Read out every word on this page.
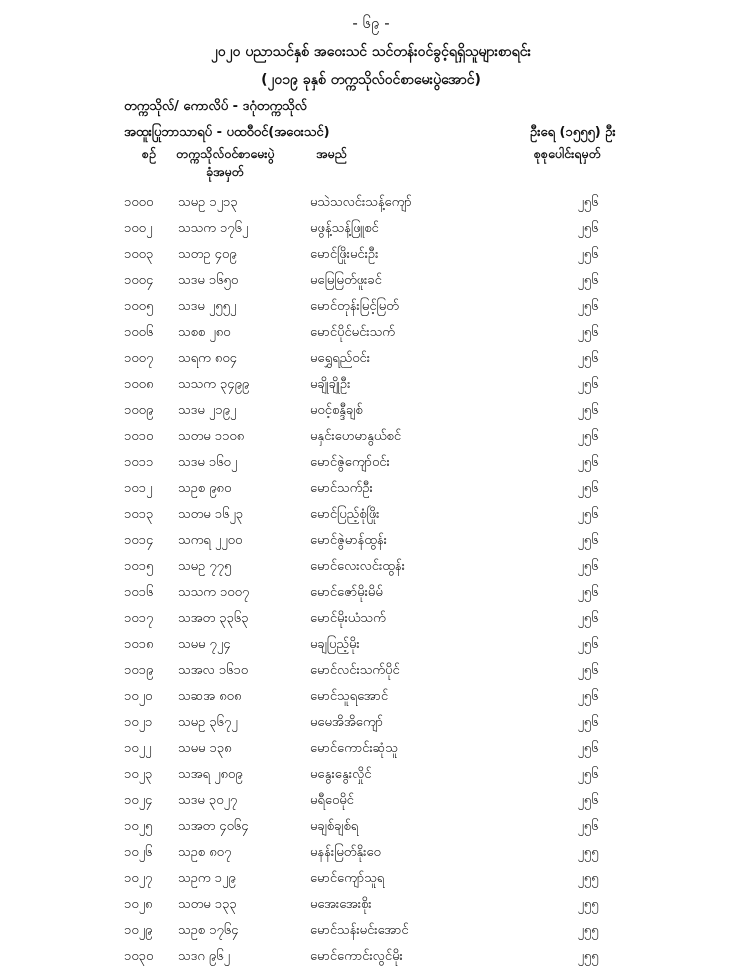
- ၆၉ -
၂၀၂၀ ပညာသင်နှစ် အဝေးသင် သင်တန်းဝင်ခွင့်ရရှိသူများစာရင်း
(၂၀၁၉ ခုနှစ် တက္ကသိုလ်ဝင်စာမေးပွဲအောင်)
တက္ကသိုလ်/ ကောလိပ် - ဒဂုံတက္ကသိုလ်
အထူးပြုဘာသာရပ် - ပထဝီဝင်(အဝေးသင်)	ဦးရေ (၁၅၅၅) ဦး
စဉ် တက္ကသိုလ်ဝင်စာမေးပွဲ
ခုံအမှတ်
အမည်	စုစုပေါင်းရမှတ်
၁၀၀၀	သမဥ ၁၂၁၃	မသဲသလင်းသန့်ကျော်	၂၅၆
၁၀၀၂	သသက ၁၇၆၂	မဖွန့်သန့်ဖြူစင်	၂၅၆
၁၀၀၃	သတဥ ၄၀၉	မောင်ဖြိုးမင်းဦး	၂၅၆
၁၀၀၄	သဒမ ၁၆၅၀	မမြေမြတ်ဖူးခင်	၂၅၆
၁၀၀၅	သဒမ ၂၅၅၂	မောင်တုန်းမြင့်မြတ်	၂၅၆
၁၀၀၆	သစစ ၂၈၀	မောင်ပိုင်မင်းသက်	၂၅၆
၁၀၀၇	သရက ၈၀၄	မရွှေရည်ဝင်း	၂၅၆
၁၀၀၈	သသက ၃၄၉၉	မချိုချိုဦး	၂၅၆
၁၀၀၉	သဒမ ၂၁၉၂	မဝင့်စန္ဒီချစ်	၂၅၆
၁၀၁၀	သတမ ၁၁၀၈	မနှင်းဟေမာနွယ်စင်	၂၅၆
၁၀၁၁	သဒမ ၁၆၀၂	မောင်ဇွဲကျော်ဝင်း	၂၅၆
၁၀၁၂	သဥစ ၉၈၀	မောင်သက်ဦး	၂၅၆
၁၀၁၃	သတမ ၁၆၂၃	မောင်ပြည့်စုံဖြိုး	၂၅၆
၁၀၁၄	သကရ ၂၂၀၀	မောင်ဇွဲမာန်ထွန်း	၂၅၆
၁၀၁၅	သမဥ ၇၇၅	မောင်လေးလင်းထွန်း	၂၅၆
၁၀၁၆	သသက ၁၀၀၇	မောင်ဇော်မိုးမိမ်	၂၅၆
၁၀၁၇	သအတ ၃၃၆၃	မောင်မိုးယံသက်	၂၅၆
၁၀၁၈	သမမ ၇၂၄	မချပြည့်မိုး	၂၅၆
၁၀၁၉	သအလ ၁၆၁၀	မောင်လင်းသက်ပိုင်	၂၅၆
၁၀၂၀	သဆအ ၈၀၈	မောင်သူရအောင်	၂၅၆
၁၀၂၁	သမဥ ၃၆၇၂	မမေအိအိကျော်	၂၅၆
၁၀၂၂	သမမ ၁၃၈	မောင်ကောင်းဆုံသူ	၂၅၆
၁၀၂၃	သအရ ၂၈၀၉	မနွေးနွေးလှိုင်	၂၅၆
၁၀၂၄	သဒမ ၃၀၂၇	မရီဝေမိုင်	၂၅၆
၁၀၂၅	သအတ ၄၀၆၄	မချစ်ချစ်ရ	၂၅၆
၁၀၂၆	သဥစ ၈၀၇	မနန်းမြတ်နိုးဝေ	၂၅၅
၁၀၂၇	သဥက ၁၂၉	မောင်ကျော်သူရ	၂၅၅
၁၀၂၈	သတမ ၁၃၃	မအေးအေးစိုး	၂၅၅
၁၀၂၉	သဥစ ၁၇၆၄	မောင်သန်းမင်းအောင်	၂၅၅
၁၀၃၀	သဒဂ ၉၆၂	မောင်ကောင်းလွင်မိုး	၂၅၅
